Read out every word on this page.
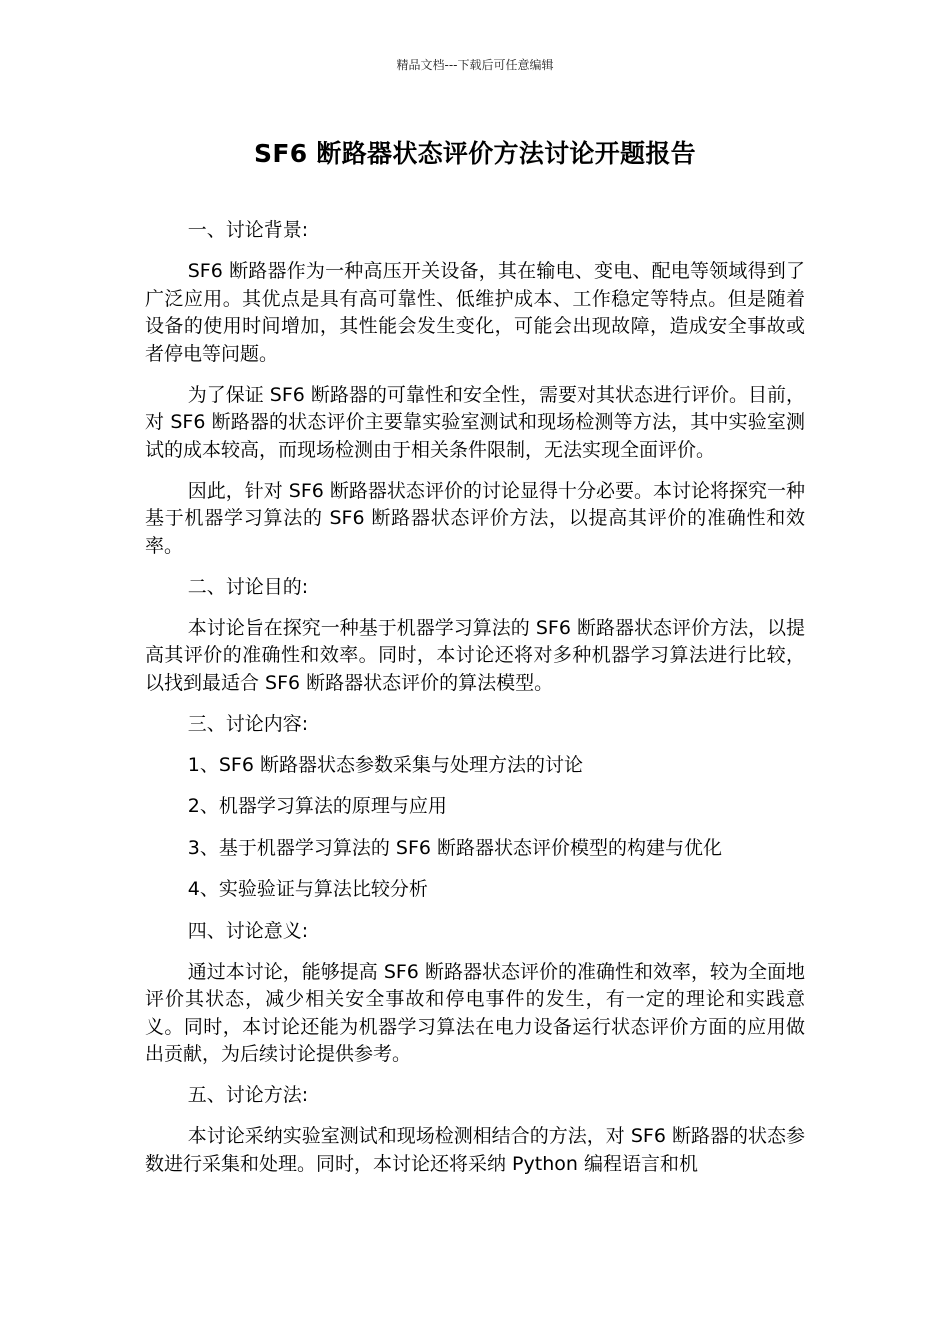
精品文档---下载后可任意编辑
SF6 断路器状态评价方法讨论开题报告
一、讨论背景:

SF6 断路器作为一种高压开关设备，其在输电、变电、配电等领域得到了广泛应用。其优点是具有高可靠性、低维护成本、工作稳定等特点。但是随着设备的使用时间增加，其性能会发生变化，可能会出现故障，造成安全事故或者停电等问题。

为了保证 SF6 断路器的可靠性和安全性，需要对其状态进行评价。目前，对 SF6 断路器的状态评价主要靠实验室测试和现场检测等方法，其中实验室测试的成本较高，而现场检测由于相关条件限制，无法实现全面评价。

因此，针对 SF6 断路器状态评价的讨论显得十分必要。本讨论将探究一种基于机器学习算法的 SF6 断路器状态评价方法，以提高其评价的准确性和效率。

二、讨论目的:

本讨论旨在探究一种基于机器学习算法的 SF6 断路器状态评价方法，以提高其评价的准确性和效率。同时，本讨论还将对多种机器学习算法进行比较，以找到最适合 SF6 断路器状态评价的算法模型。

三、讨论内容:
1、SF6 断路器状态参数采集与处理方法的讨论
2、机器学习算法的原理与应用
3、基于机器学习算法的 SF6 断路器状态评价模型的构建与优化
4、实验验证与算法比较分析
四、讨论意义:

通过本讨论，能够提高 SF6 断路器状态评价的准确性和效率，较为全面地评价其状态，减少相关安全事故和停电事件的发生，有一定的理论和实践意义。同时，本讨论还能为机器学习算法在电力设备运行状态评价方面的应用做出贡献，为后续讨论提供参考。

五、讨论方法:

本讨论采纳实验室测试和现场检测相结合的方法，对 SF6 断路器的状态参数进行采集和处理。同时，本讨论还将采纳 Python 编程语言和机
